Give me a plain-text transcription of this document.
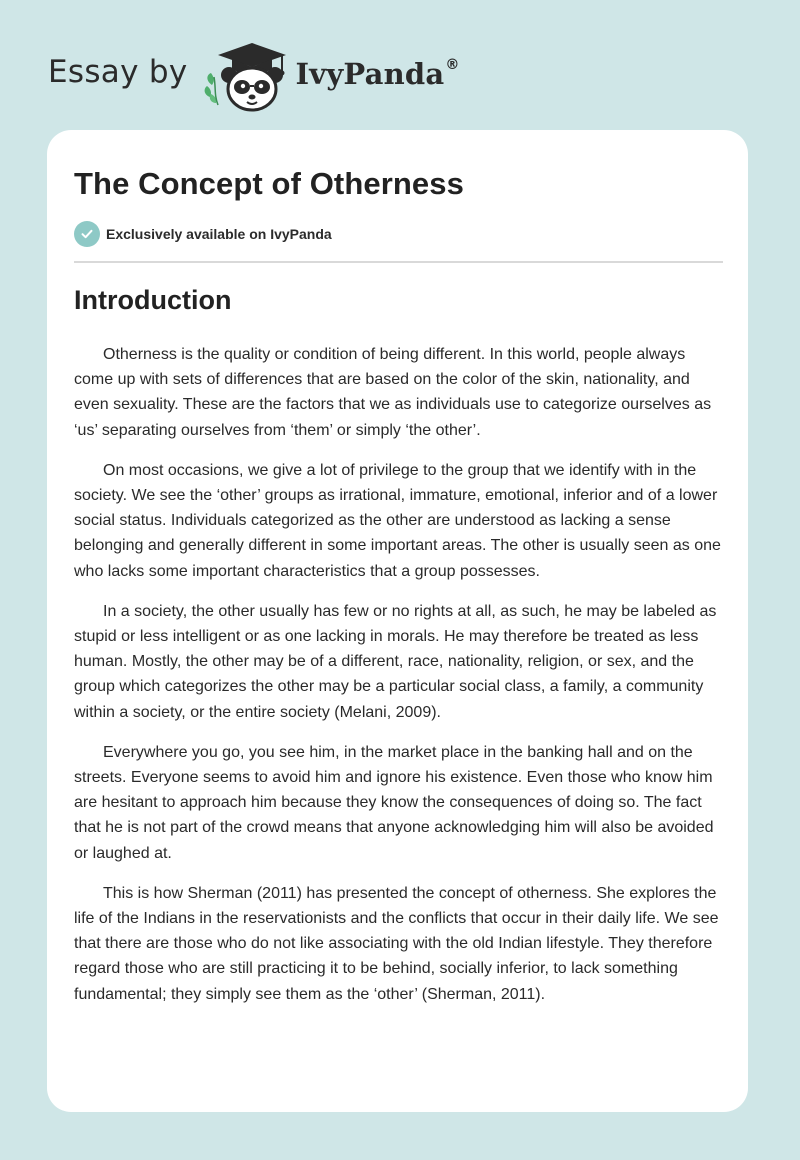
Essay by	IvyPanda®
The Concept of Otherness
Exclusively available on IvyPanda
Introduction

Otherness is the quality or condition of being different. In this world, people always come up with sets of differences that are based on the color of the skin, nationality, and even sexuality. These are the factors that we as individuals use to categorize ourselves as ‘us’ separating ourselves from ‘them’ or simply ‘the other’.

On most occasions, we give a lot of privilege to the group that we identify with in the society. We see the ‘other’ groups as irrational, immature, emotional, inferior and of a lower social status. Individuals categorized as the other are understood as lacking a sense belonging and generally different in some important areas. The other is usually seen as one who lacks some important characteristics that a group possesses.

In a society, the other usually has few or no rights at all, as such, he may be labeled as stupid or less intelligent or as one lacking in morals. He may therefore be treated as less human. Mostly, the other may be of a different, race, nationality, religion, or sex, and the group which categorizes the other may be a particular social class, a family, a community within a society, or the entire society (Melani, 2009).

Everywhere you go, you see him, in the market place in the banking hall and on the streets. Everyone seems to avoid him and ignore his existence. Even those who know him are hesitant to approach him because they know the consequences of doing so. The fact that he is not part of the crowd means that anyone acknowledging him will also be avoided or laughed at.

This is how Sherman (2011) has presented the concept of otherness. She explores the life of the Indians in the reservationists and the conflicts that occur in their daily life. We see that there are those who do not like associating with the old Indian lifestyle. They therefore regard those who are still practicing it to be behind, socially inferior, to lack something fundamental; they simply see them as the ‘other’ (Sherman, 2011).
